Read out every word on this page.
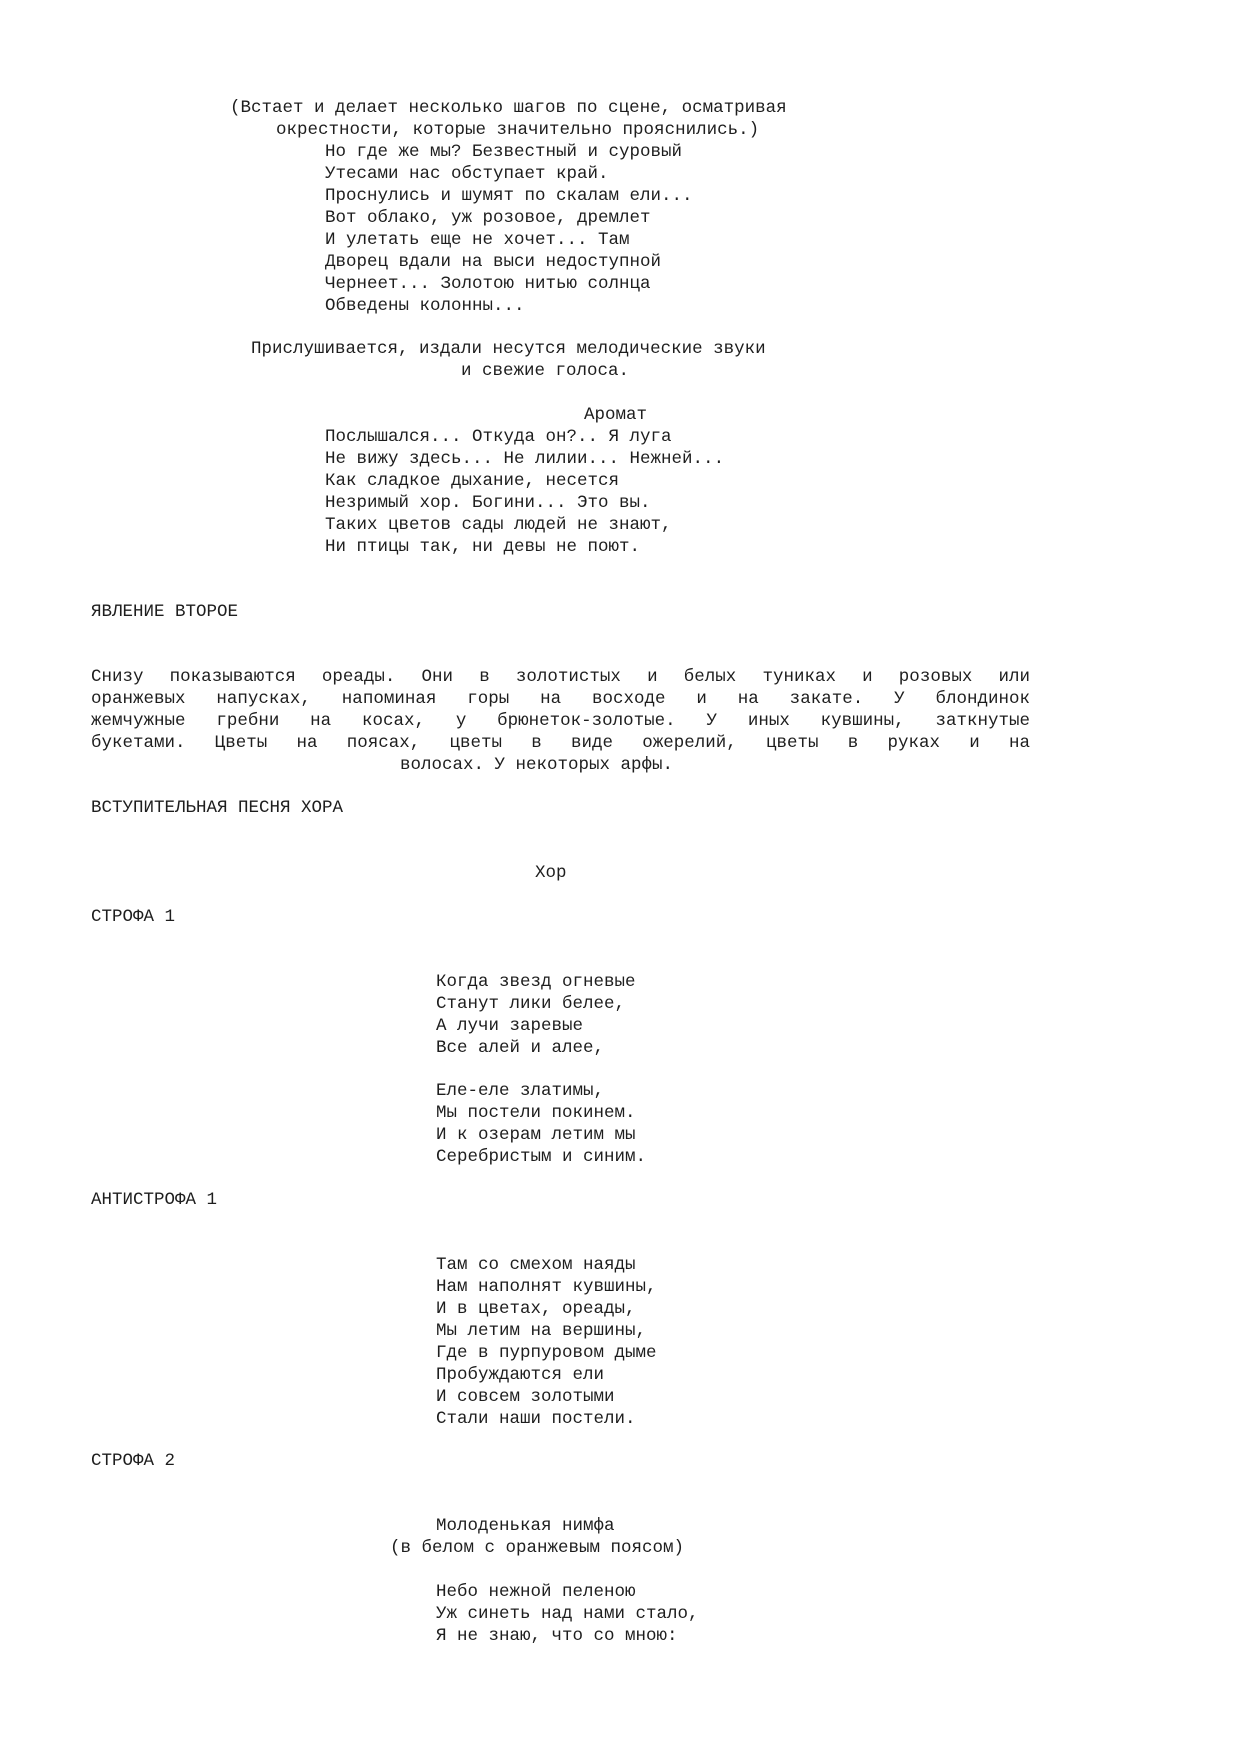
(Встает и делает несколько шагов по сцене, осматривая
окрестности, которые значительно прояснились.)
Но где же мы? Безвестный и суровый
Утесами нас обступает край.
Проснулись и шумят по скалам ели...
Вот облако, уж розовое, дремлет
И улетать еще не хочет... Там
Дворец вдали на выси недоступной
Чернеет... Золотою нитью солнца
Обведены колонны...
Прислушивается, издали несутся мелодические звуки
и свежие голоса.
Аромат
Послышался... Откуда он?.. Я луга
Не вижу здесь... Не лилии... Нежней...
Как сладкое дыхание, несется
Незримый хор. Богини... Это вы.
Таких цветов сады людей не знают,
Ни птицы так, ни девы не поют.
ЯВЛЕНИЕ ВТОРОЕ
Снизу показываются ореады. Они в золотистых и белых туниках и розовых или
оранжевых напусках, напоминая горы на восходе и на закате. У блондинок
жемчужные гребни на косах, у брюнеток-золотые. У иных кувшины, заткнутые
букетами. Цветы на поясах, цветы в виде ожерелий, цветы в руках и на
волосах. У некоторых арфы.
ВСТУПИТЕЛЬНАЯ ПЕСНЯ ХОРА
Хор
СТРОФА 1
Когда звезд огневые
Станут лики белее,
А лучи заревые
Все алей и алее,
Еле-еле златимы,
Мы постели покинем.
И к озерам летим мы
Серебристым и синим.
АНТИСТРОФА 1
Там со смехом наяды
Нам наполнят кувшины,
И в цветах, ореады,
Мы летим на вершины,
Где в пурпуровом дыме
Пробуждаются ели
И совсем золотыми
Стали наши постели.
СТРОФА 2
Молоденькая нимфа
(в белом с оранжевым поясом)
Небо нежной пеленою
Уж синеть над нами стало,
Я не знаю, что со мною:
